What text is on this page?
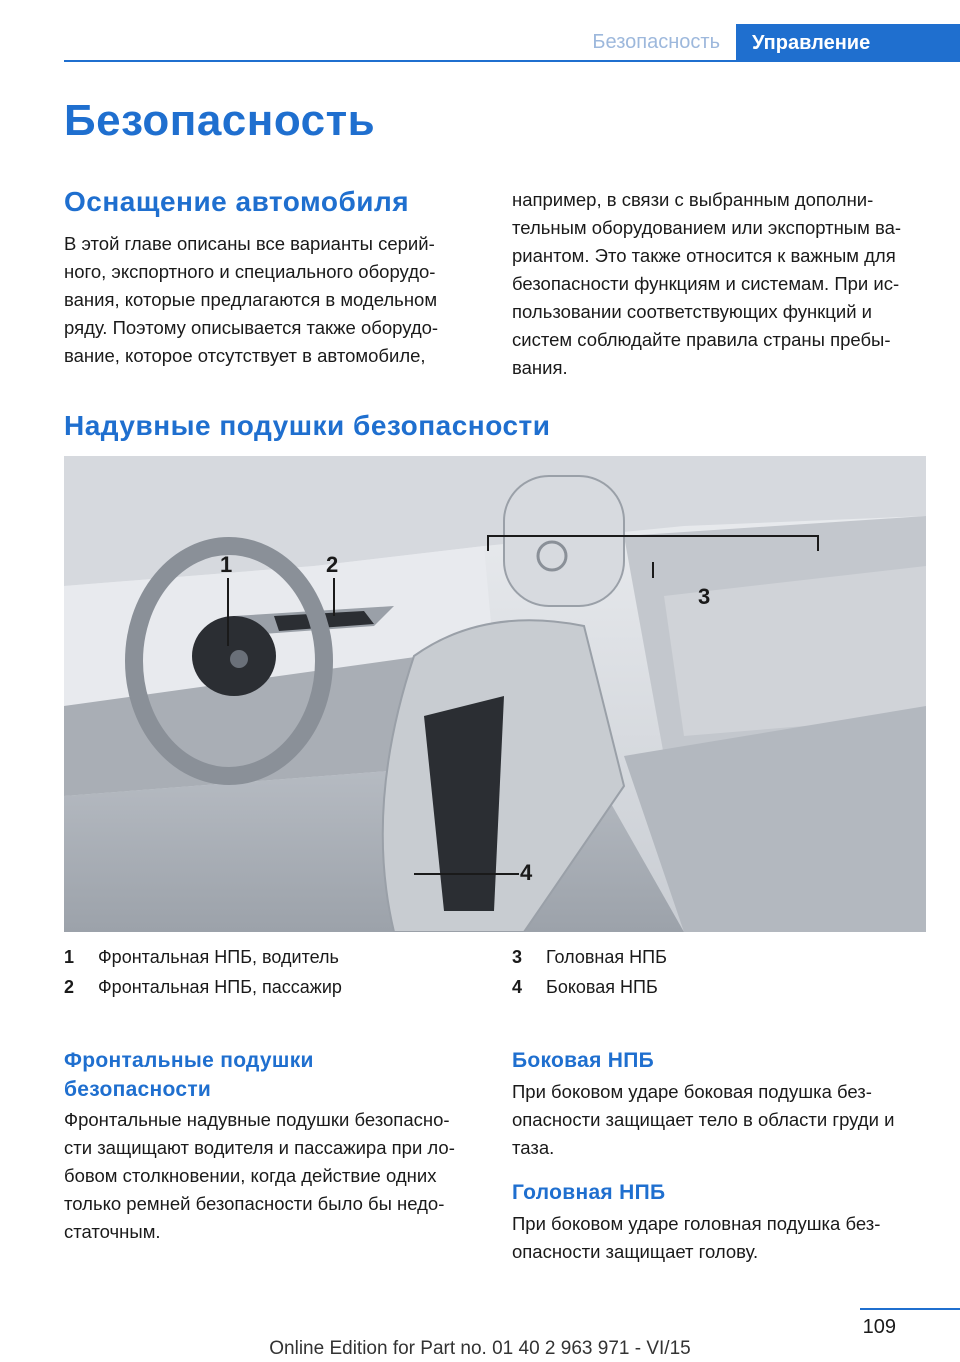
Безопасность	Управление
Безопасность
Оснащение автомобиля

В этой главе описаны все варианты серий-
ного, экспортного и специального оборудо-
вания, которые предлагаются в модельном
ряду. Поэтому описывается также оборудо-
вание, которое отсутствует в автомобиле,

например, в связи с выбранным дополни-
тельным оборудованием или экспортным ва-
риантом. Это также относится к важным для
безопасности функциям и системам. При ис-
пользовании соответствующих функций и
систем соблюдайте правила страны пребы-
вания.

Надувные подушки безопасности
1	2
3
4
1 Фронтальная НПБ, водитель
2 Фронтальная НПБ, пассажир
3 Головная НПБ
4 Боковая НПБ
Фронтальные подушки
безопасности

Фронтальные надувные подушки безопасно-
сти защищают водителя и пассажира при ло-
бовом столкновении, когда действие одних
только ремней безопасности было бы недо-
статочным.

Боковая НПБ

При боковом ударе боковая подушка без-
опасности защищает тело в области груди и
таза.

Головная НПБ

При боковом ударе головная подушка без-
опасности защищает голову.

109
Online Edition for Part no. 01 40 2 963 971 - VI/15
